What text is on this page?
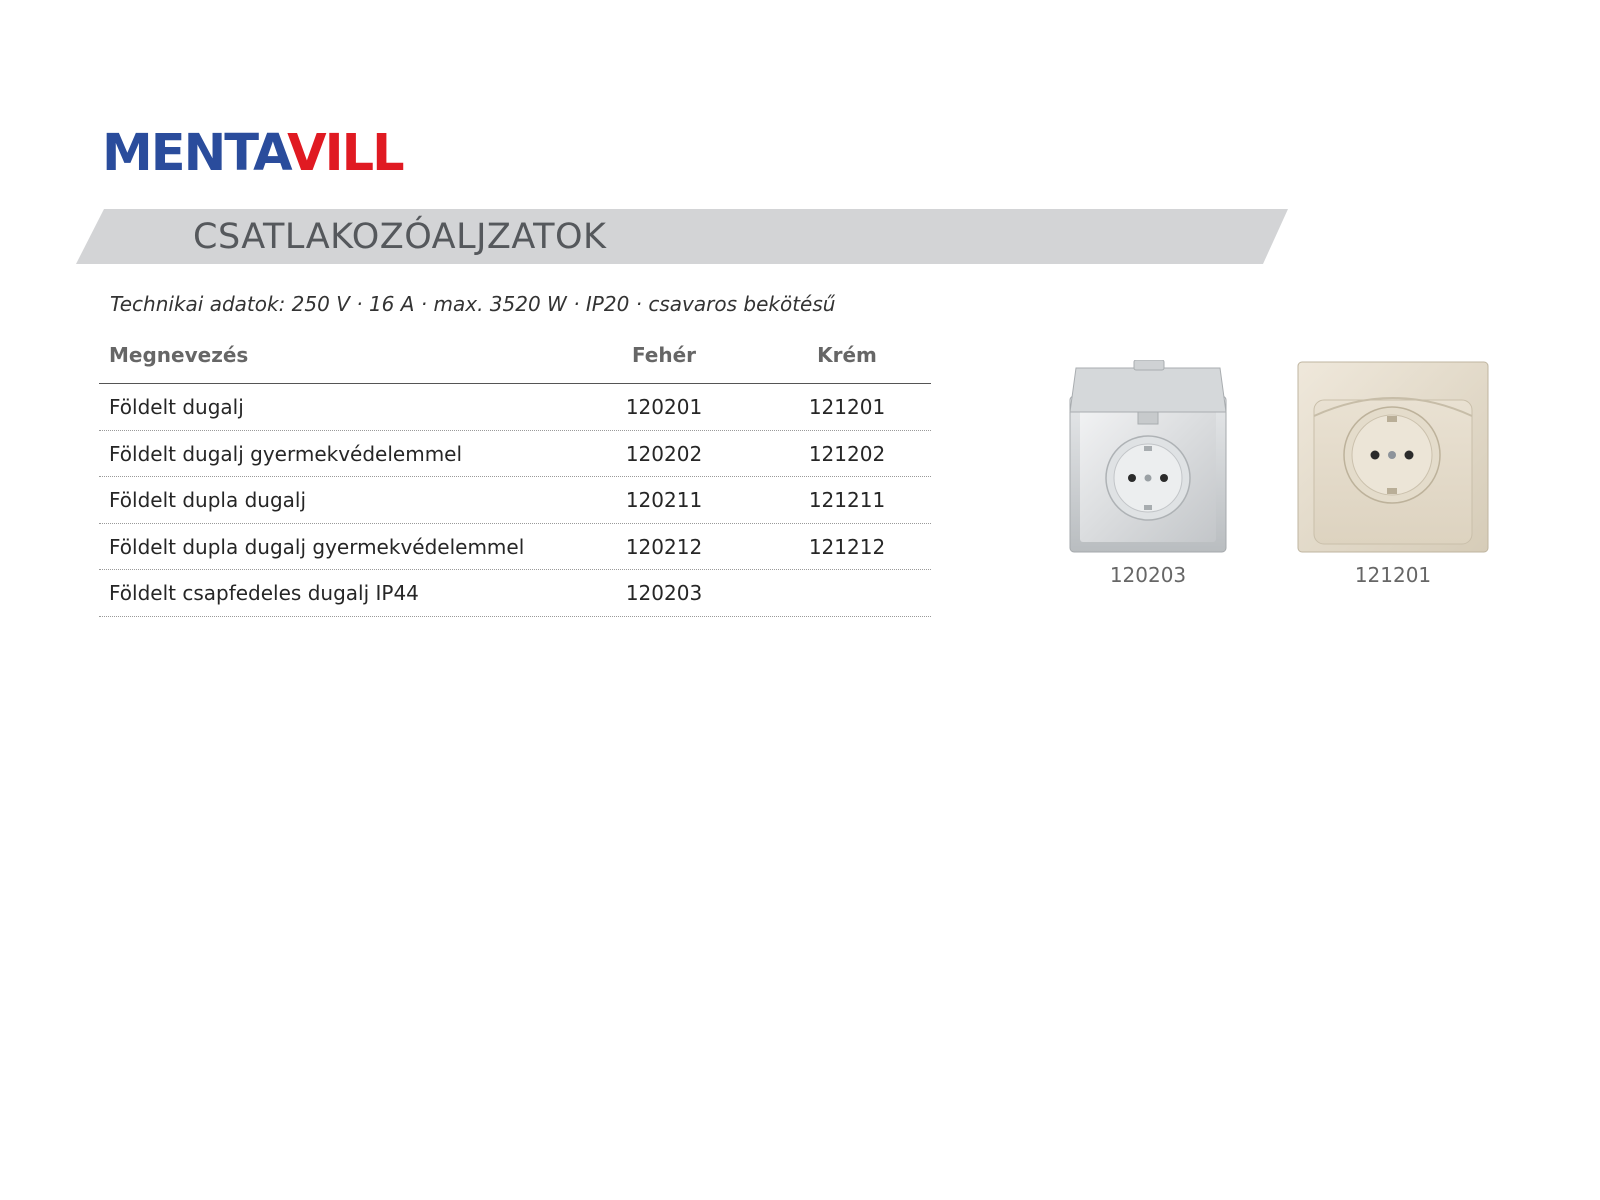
MENTAVILL
CSATLAKOZÓALJZATOK
Technikai adatok: 250 V · 16 A · max. 3520 W · IP20 · csavaros bekötésű
Megnevezés	Fehér	Krém
Földelt dugalj	120201	121201
Földelt dugalj gyermekvédelemmel	120202	121202
Földelt dupla dugalj	120211	121211
Földelt dupla dugalj gyermekvédelemmel	120212	121212
Földelt csapfedeles dugalj IP44	120203
120203	121201
